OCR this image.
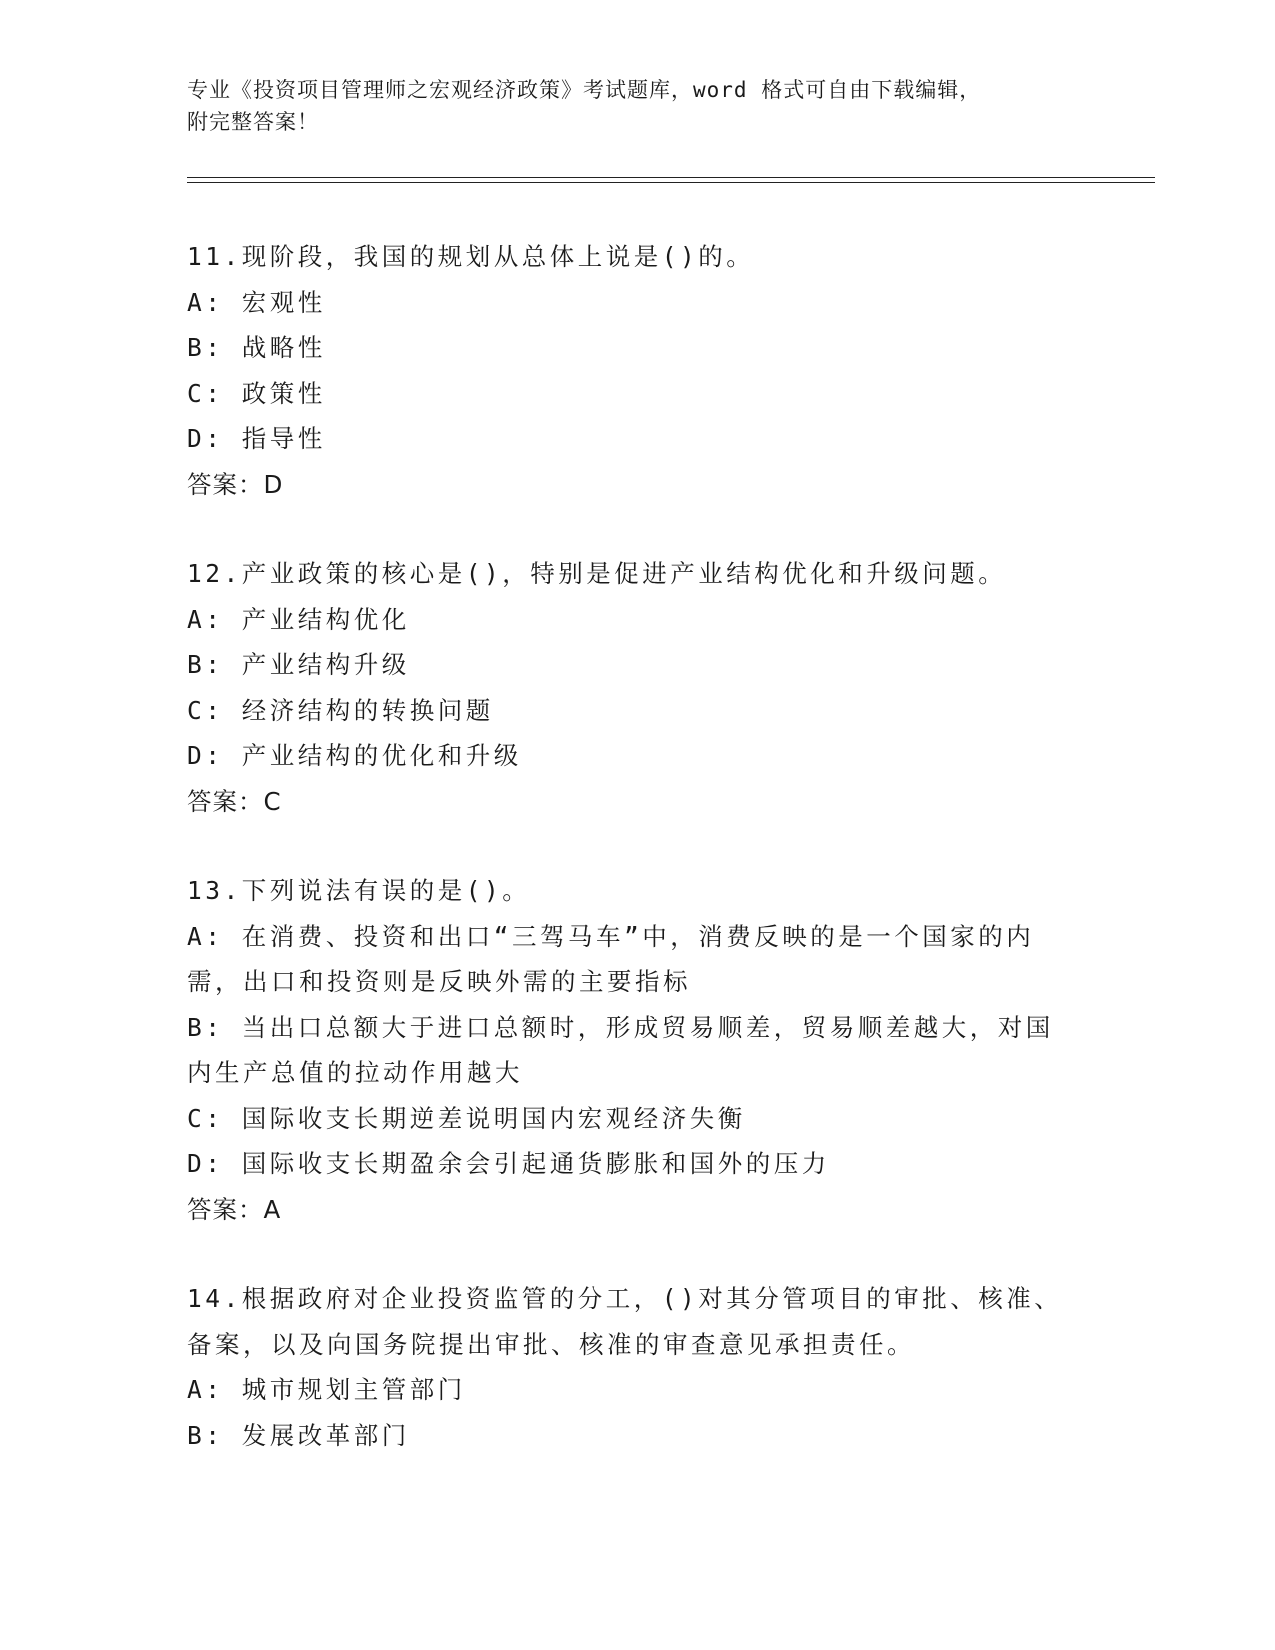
专业《投资项目管理师之宏观经济政策》考试题库，word 格式可自由下载编辑，
附完整答案！
11.现阶段，我国的规划从总体上说是()的。
A: 宏观性
B: 战略性
C: 政策性
D: 指导性
答案：D
12.产业政策的核心是()，特别是促进产业结构优化和升级问题。
A: 产业结构优化
B: 产业结构升级
C: 经济结构的转换问题
D: 产业结构的优化和升级
答案：C
13.下列说法有误的是()。
A: 在消费、投资和出口“三驾马车”中，消费反映的是一个国家的内
需，出口和投资则是反映外需的主要指标
B: 当出口总额大于进口总额时，形成贸易顺差，贸易顺差越大，对国
内生产总值的拉动作用越大
C: 国际收支长期逆差说明国内宏观经济失衡
D: 国际收支长期盈余会引起通货膨胀和国外的压力
答案：A
14.根据政府对企业投资监管的分工，()对其分管项目的审批、核准、
备案，以及向国务院提出审批、核准的审查意见承担责任。
A: 城市规划主管部门
B: 发展改革部门
